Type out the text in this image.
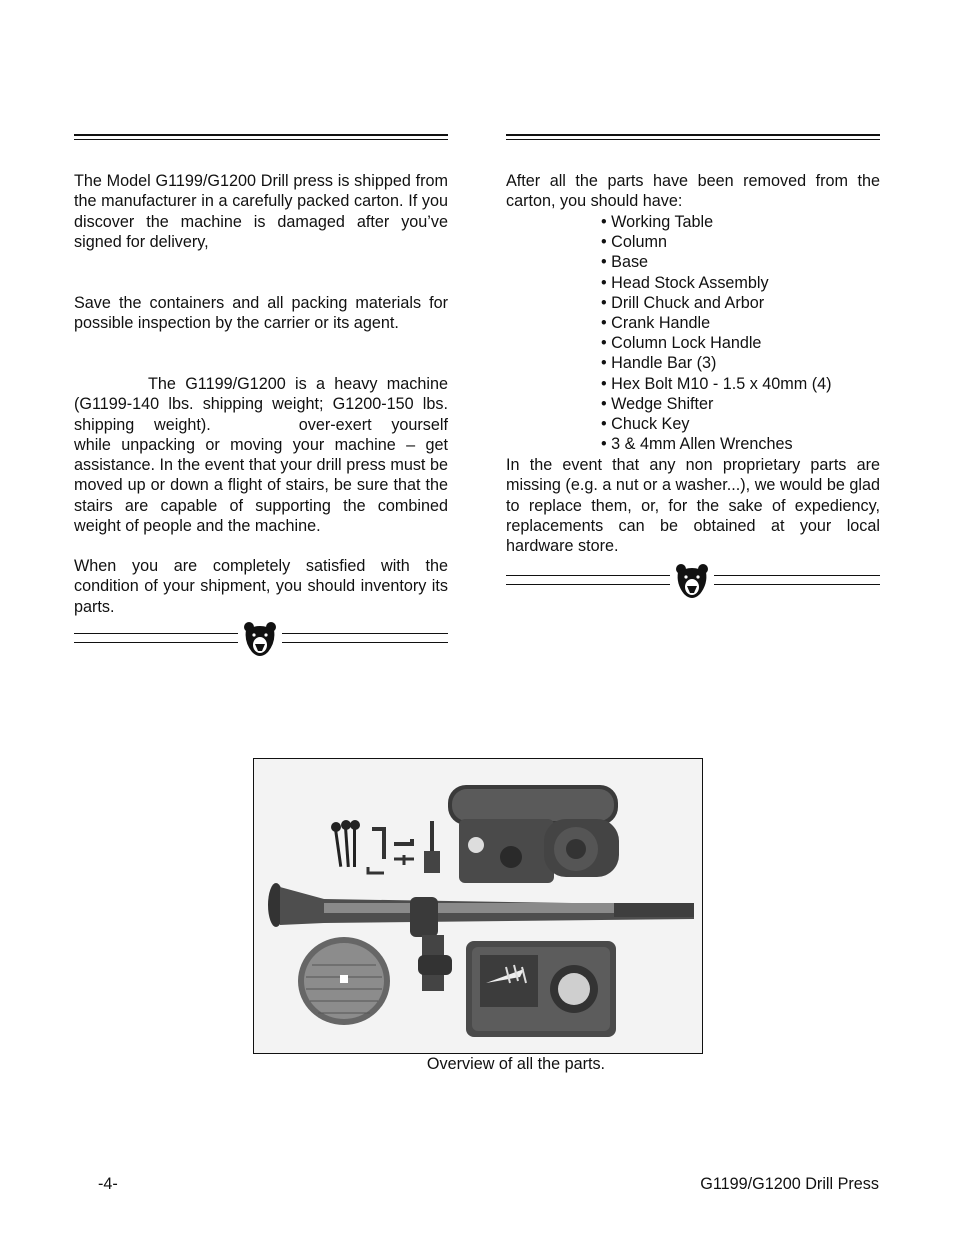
The Model G1199/G1200 Drill press is shipped from the manufacturer in a carefully packed carton. If you discover the machine is damaged after you’ve signed for delivery,

Save the containers and all packing materials for possible inspection by the carrier or its agent.

The G1199/G1200 is a heavy machine (G1199-140 lbs. shipping weight; G1200-150 lbs. shipping weight).	over-exert yourself while unpacking or moving your machine – get assistance. In the event that your drill press must be moved up or down a flight of stairs, be sure that the stairs are capable of supporting the combined weight of people and the machine.

When you are completely satisfied with the condition of your shipment, you should inventory its parts.

After all the parts have been removed from the carton, you should have:

• Working Table
• Column
• Base
• Head Stock Assembly
• Drill Chuck and Arbor
• Crank Handle
• Column Lock Handle
• Handle Bar (3)
• Hex Bolt M10 - 1.5 x 40mm (4)
• Wedge Shifter
• Chuck Key
• 3 & 4mm Allen Wrenches

In the event that any non proprietary parts are missing (e.g. a nut or a washer...), we would be glad to replace them, or, for the sake of expediency, replacements can be obtained at your local hardware store.

Overview of all the parts.
-4-	G1199/G1200 Drill Press
